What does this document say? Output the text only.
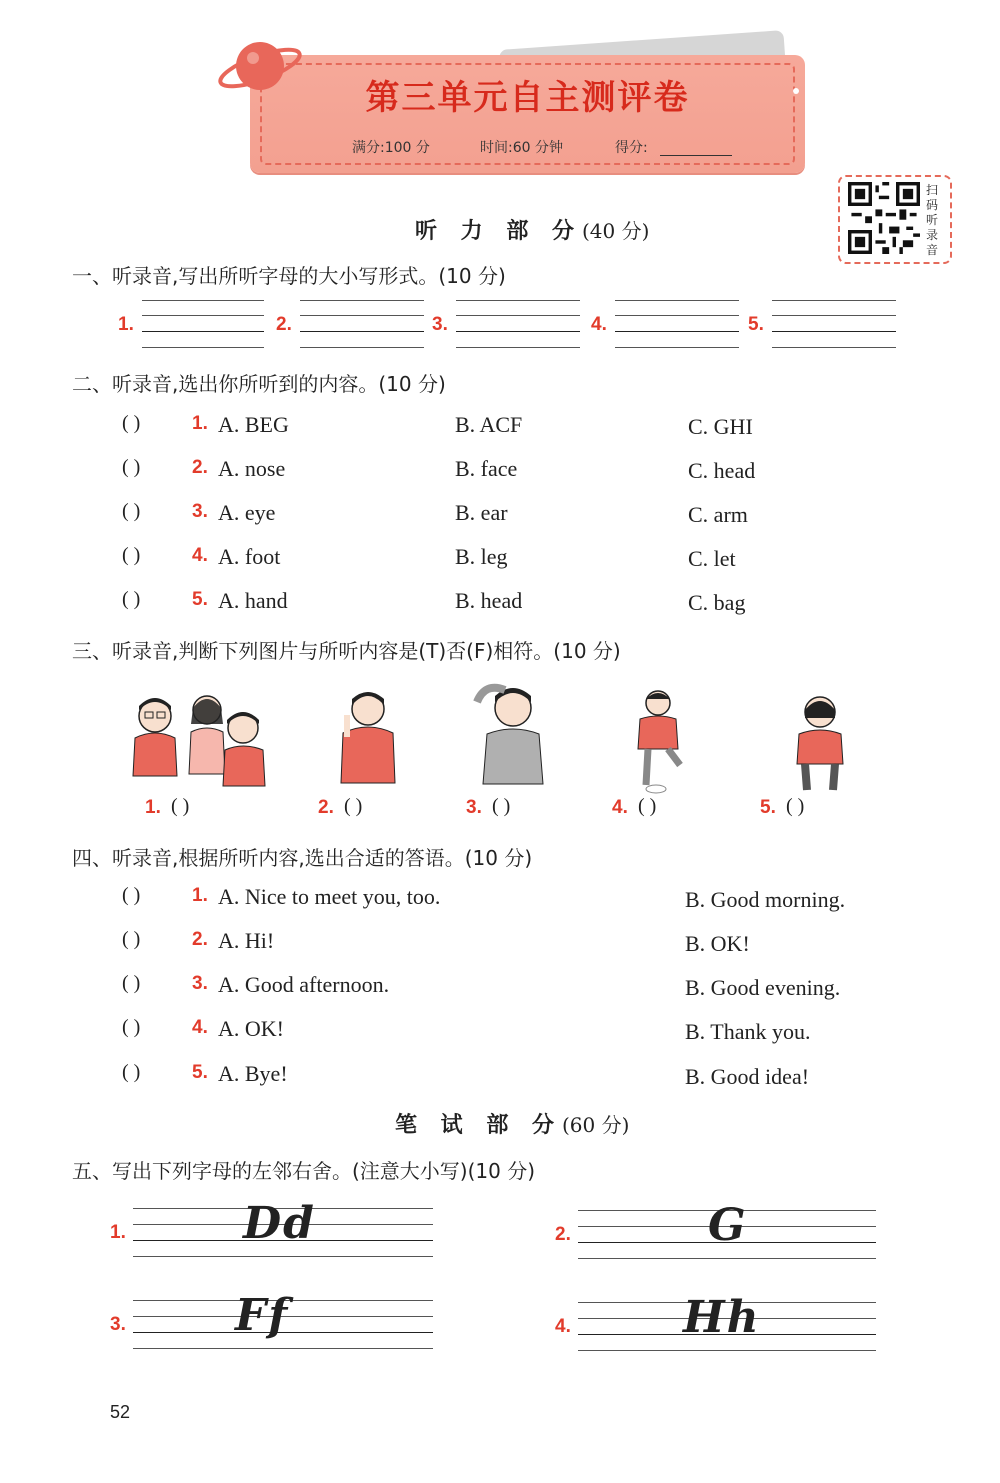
第三单元自主测评卷
满分:100 分	时间:60 分钟	得分:
扫码听录音
听 力 部 分(40 分)
一、听录音,写出所听字母的大小写形式。(10 分)
1.	2.	3.	4.	5.
二、听录音,选出你所听到的内容。(10 分)
( )	1. A. BEG	B. ACF	C. GHI
( )	2. A. nose	B. face	C. head
( )	3. A. eye	B. ear	C. arm
( )	4. A. foot	B. leg	C. let
( )	5. A. hand	B. head	C. bag
三、听录音,判断下列图片与所听内容是(T)否(F)相符。(10 分)
1. ( )	2. ( )	3. ( )	4. ( )	5. ( )
四、听录音,根据所听内容,选出合适的答语。(10 分)
( )	1. A. Nice to meet you, too.	B. Good morning.
( )	2. A. Hi!	B. OK!
( )	3. A. Good afternoon.	B. Good evening.
( )	4. A. OK!	B. Thank you.
( )	5. A. Bye!	B. Good idea!
笔 试 部 分(60 分)
五、写出下列字母的左邻右舍。(注意大小写)(10 分)
1.	Dd	2.	G
3. Ff	4.	Hh
52
